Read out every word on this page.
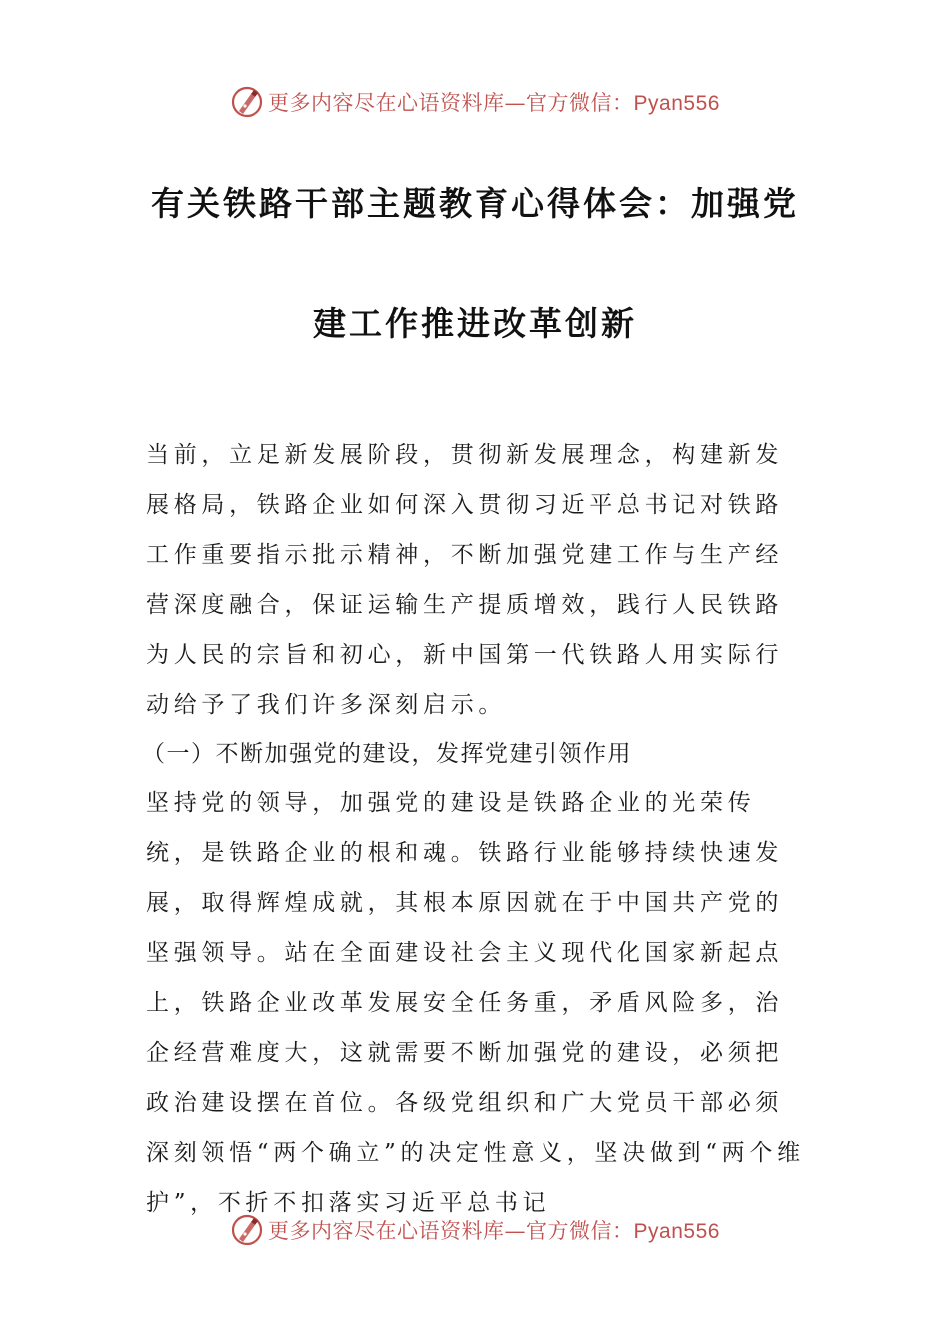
更多内容尽在心语资料库—官方微信：Pyan556
有关铁路干部主题教育心得体会：加强党
建工作推进改革创新

当前，立足新发展阶段，贯彻新发展理念，构建新发展格局，铁路企业如何深入贯彻习近平总书记对铁路工作重要指示批示精神，不断加强党建工作与生产经营深度融合，保证运输生产提质增效，践行人民铁路为人民的宗旨和初心，新中国第一代铁路人用实际行动给予了我们许多深刻启示。

（一）不断加强党的建设，发挥党建引领作用

坚持党的领导，加强党的建设是铁路企业的光荣传统，是铁路企业的根和魂。铁路行业能够持续快速发展，取得辉煌成就，其根本原因就在于中国共产党的坚强领导。站在全面建设社会主义现代化国家新起点上，铁路企业改革发展安全任务重，矛盾风险多，治企经营难度大，这就需要不断加强党的建设，必须把政治建设摆在首位。各级党组织和广大党员干部必须深刻领悟“两个确立”的决定性意义，坚决做到“两个维护”，不折不扣落实习近平总书记

更多内容尽在心语资料库—官方微信：Pyan556
